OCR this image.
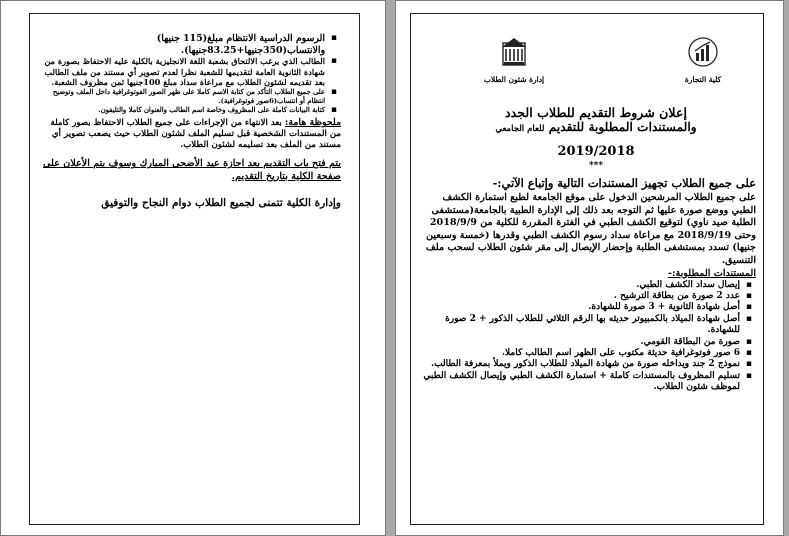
▪ الرسوم الدراسية الانتظام مبلغ(115 جنيها) والانتساب(350جنيها+83.25جنيها).
▪ الطالب الذي يرغب الالتحاق بشعبة اللغة الانجليزية بالكلية عليه الاحتفاظ بصورة من شهادة الثانوية العامة لتقديمها للشعبة نظرا لعدم تصوير أي مستند من ملف الطالب بعد تقديمه لشئون الطلاب مع مراعاة سداد مبلغ 100جنيها ثمن مظروف الشعبة.
▪ على جميع الطلاب التأكد من كتابة الاسم كاملا على ظهر الصور الفوتوغرافية داخل الملف وتوضيح انتظام أو انتساب(6صور فوتوغرافية).
▪ كتابة البيانات كاملة على المظروف وخاصة اسم الطالب والعنوان كاملا والتليفون.
ملحوظة هامة: بعد الانتهاء من الإجراءات على جميع الطلاب الاحتفاظ بصور كاملة من المستندات الشخصية قبل تسليم الملف لشئون الطلاب حيث يصعب تصوير أي مستند من الملف بعد تسليمه لشئون الطلاب.
يتم فتح باب التقديم بعد اجازة عيد الأضحى المبارك وسوف يتم الأعلان على صفحة الكلية بتاريخ التقديم.
وإدارة الكلية تتمنى لجميع الطلاب دوام النجاح والتوفيق
إدارة شئون الطلاب	كلية التجارة
إعلان شروط التقديم للطلاب الجدد
والمستندات المطلوبة للتقديم للعام الجامعي
2019/2018
***
على جميع الطلاب تجهيز المستندات التالية وإتباع الآتي:-
على جميع الطلاب المرشحين الدخول على موقع الجامعة لطبع استمارة الكشف الطبي ووضع صورة عليها ثم التوجه بعد ذلك إلى الإدارة الطبية بالجامعة(مستشفى الطلبة صيد ناوي) لتوقيع الكشف الطبي في الفترة المقررة للكلية من 2018/9/9 وحتى 2018/9/19 مع مراعاة سداد رسوم الكشف الطبي وقدرها (خمسة وسبعين جنيها) تسدد بمستشفى الطلبة وإحضار الإيصال إلى مقر شئون الطلاب لسحب ملف التنسيق.
المستندات المطلوبة:-
▪ إيصال سداد الكشف الطبي.
▪ عدد 2 صورة من بطاقة الترشيح .
▪ أصل شهادة الثانوية + 3 صورة للشهادة.
▪ أصل شهادة الميلاد بالكمبيوتر حديثه بها الرقم الثلاثي للطلاب الذكور + 2 صورة للشهادة.
▪ صورة من البطاقة القومي.
▪ 6 صور فوتوغرافية حديثة مكتوب على الظهر اسم الطالب كاملا.
▪ نموذج 2 جند ويداخله صورة من شهادة الميلاد للطلاب الذكور ويملأ بمعرفة الطالب.
▪ تسليم المظروف بالمستندات كاملة + استمارة الكشف الطبي وإيصال الكشف الطبي لموظف شئون الطلاب.
